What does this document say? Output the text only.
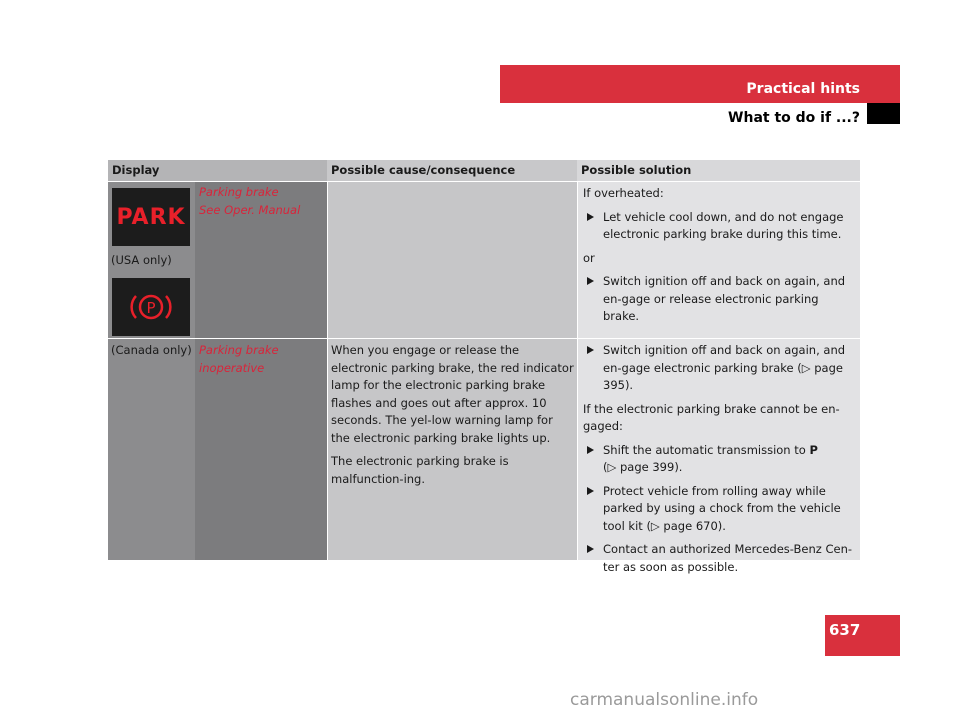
Practical hints
What to do if ...?
Display	Possible cause/consequence	Possible solution
PARK
(USA only)
P
Parking brake
See Oper. Manual
If overheated:
Let vehicle cool down, and do not engage electronic parking brake during this time.
or
Switch ignition off and back on again, and en-gage or release electronic parking brake.
(Canada only) Parking brake
inoperative
When you engage or release the electronic parking brake, the red indicator lamp for the electronic parking brake flashes and goes out after approx. 10 seconds. The yel-low warning lamp for the electronic parking brake lights up.
The electronic parking brake is malfunction-ing.
Switch ignition off and back on again, and en-gage electronic parking brake (▷ page 395).
If the electronic parking brake cannot be en-gaged:
Shift the automatic transmission to P
(▷ page 399).
Protect vehicle from rolling away while parked by using a chock from the vehicle tool kit (▷ page 670).
Contact an authorized Mercedes-Benz Cen-ter as soon as possible.
637
carmanualsonline.info
